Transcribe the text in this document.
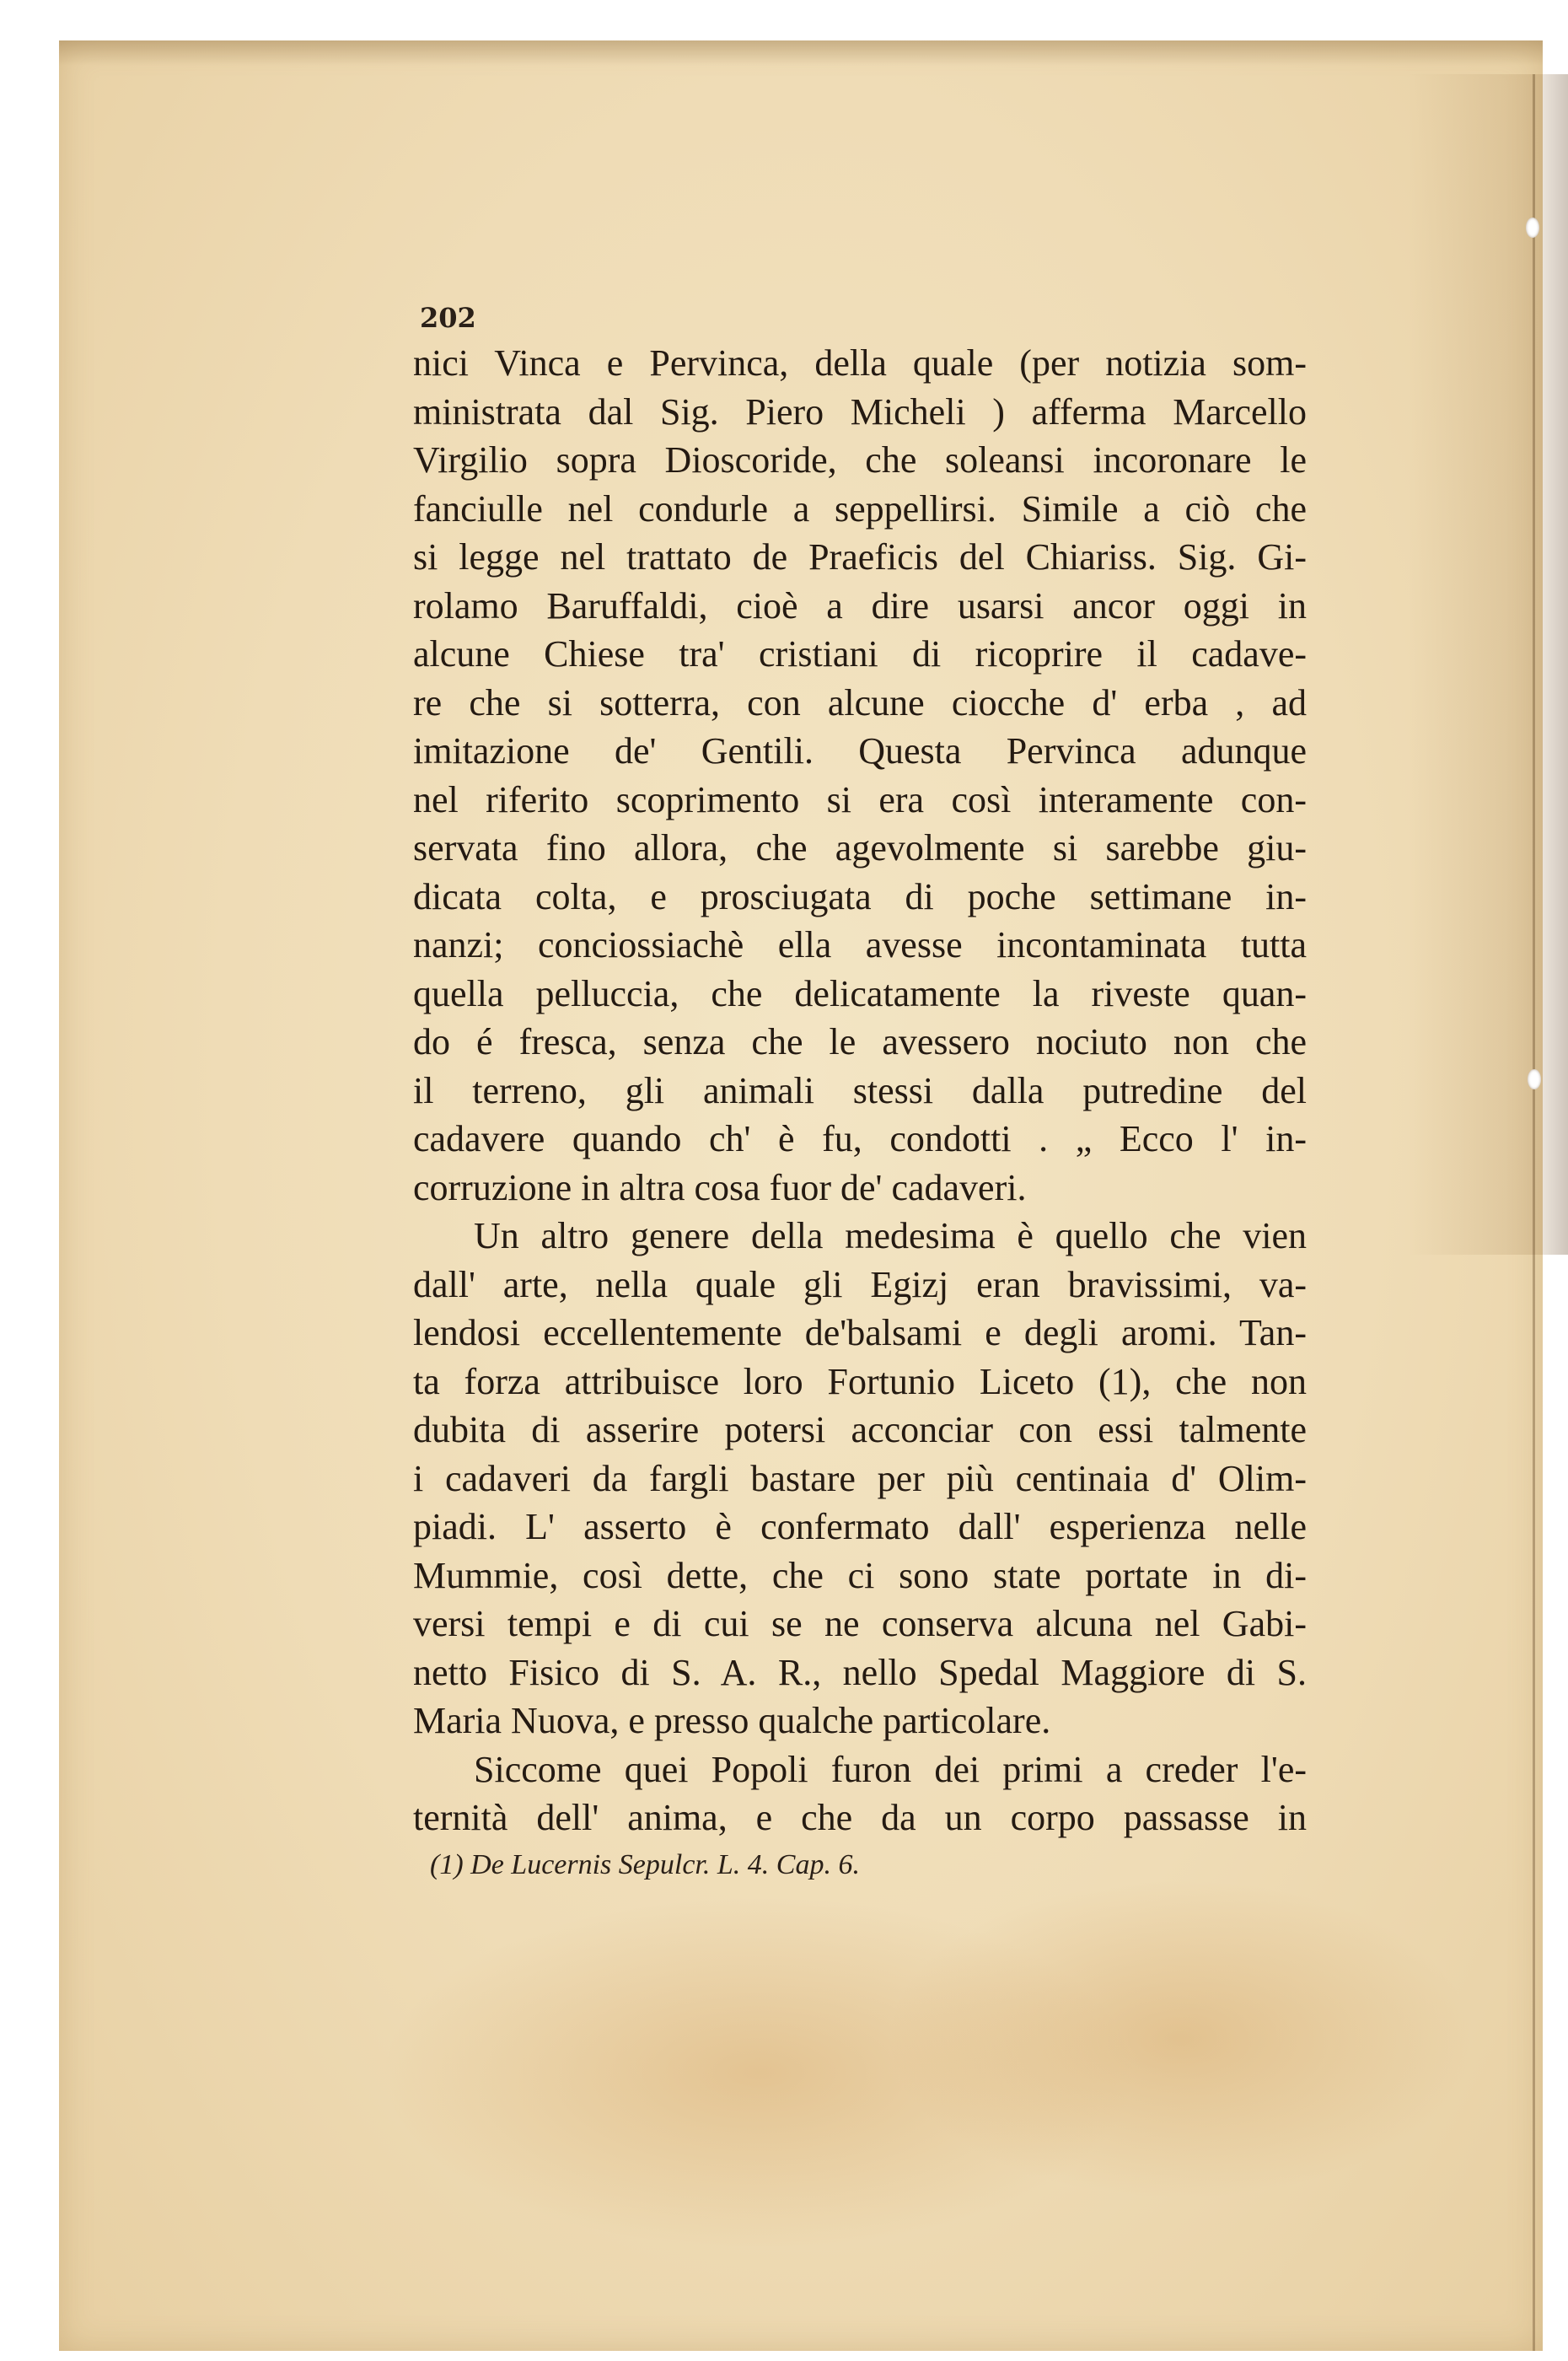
202
nici Vinca e Pervinca, della quale (per notizia som-
ministrata dal Sig. Piero Micheli ) afferma Marcello
Virgilio sopra Dioscoride, che soleansi incoronare le
fanciulle nel condurle a seppellirsi. Simile a ciò che
si legge nel trattato de Praeficis del Chiariss. Sig. Gi-
rolamo Baruffaldi, cioè a dire usarsi ancor oggi in
alcune Chiese tra' cristiani di ricoprire il cadave-
re che si sotterra, con alcune ciocche d' erba , ad
imitazione de' Gentili. Questa Pervinca adunque
nel riferito scoprimento si era così interamente con-
servata fino allora, che agevolmente si sarebbe giu-
dicata colta, e prosciugata di poche settimane in-
nanzi; conciossiachè ella avesse incontaminata tutta
quella pelluccia, che delicatamente la riveste quan-
do é fresca, senza che le avessero nociuto non che
il terreno, gli animali stessi dalla putredine del
cadavere quando ch' è fu, condotti . „ Ecco l' in-
corruzione in altra cosa fuor de' cadaveri.
Un altro genere della medesima è quello che vien
dall' arte, nella quale gli Egizj eran bravissimi, va-
lendosi eccellentemente de'balsami e degli aromi. Tan-
ta forza attribuisce loro Fortunio Liceto (1), che non
dubita di asserire potersi acconciar con essi talmente
i cadaveri da fargli bastare per più centinaia d' Olim-
piadi. L' asserto è confermato dall' esperienza nelle
Mummie, così dette, che ci sono state portate in di-
versi tempi e di cui se ne conserva alcuna nel Gabi-
netto Fisico di S. A. R., nello Spedal Maggiore di S.
Maria Nuova, e presso qualche particolare.
Siccome quei Popoli furon dei primi a creder l'e-
ternità dell' anima, e che da un corpo passasse in
(1) De Lucernis Sepulcr. L. 4. Cap. 6.
